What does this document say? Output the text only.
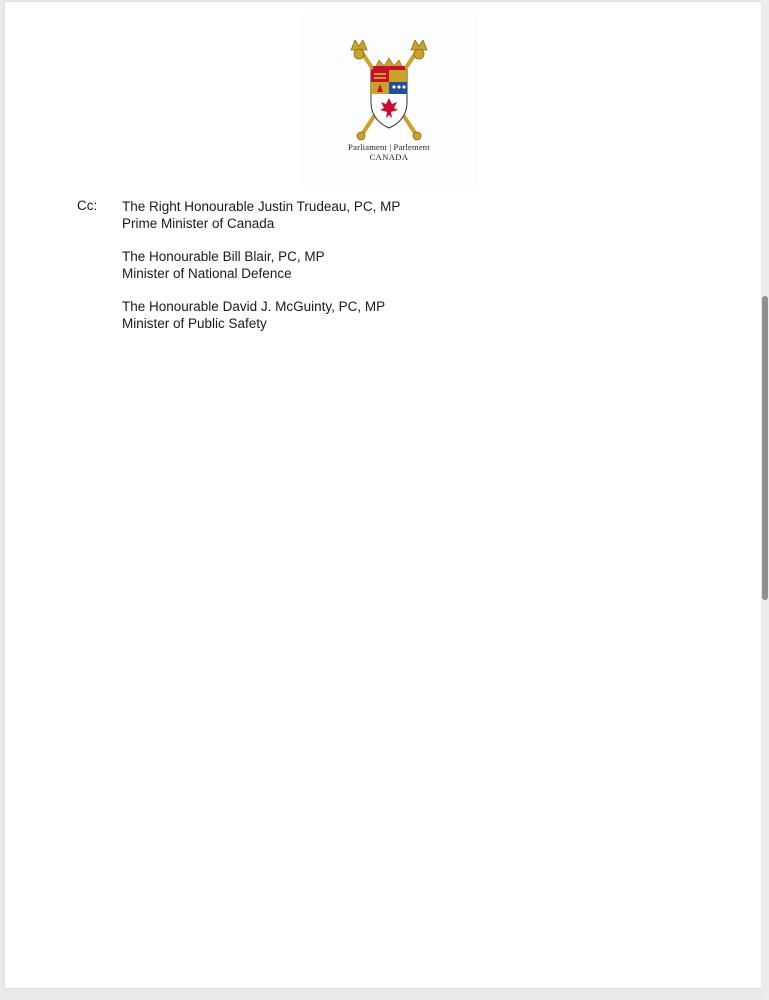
Parliament | Parlement
CANADA
Cc: The Right Honourable Justin Trudeau, PC, MP
Prime Minister of Canada
The Honourable Bill Blair, PC, MP
Minister of National Defence
The Honourable David J. McGuinty, PC, MP
Minister of Public Safety
